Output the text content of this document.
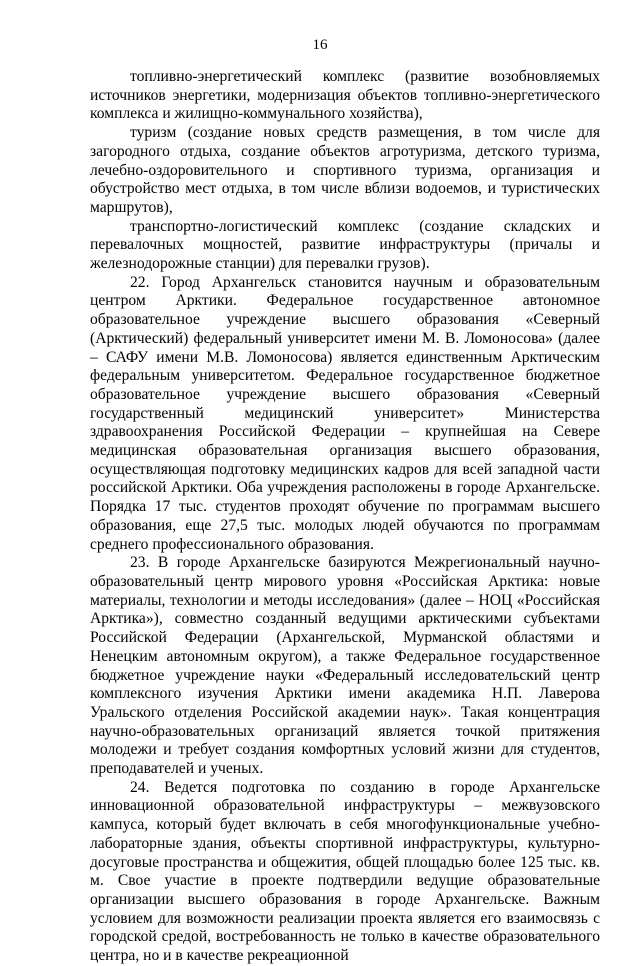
16

топливно-энергетический комплекс (развитие возобновляемых источников энергетики, модернизация объектов топливно-энергетического комплекса и жилищно-коммунального хозяйства),

туризм (создание новых средств размещения, в том числе для загородного отдыха, создание объектов агротуризма, детского туризма, лечебно-оздоровительного и спортивного туризма, организация и обустройство мест отдыха, в том числе вблизи водоемов, и туристических маршрутов),

транспортно-логистический комплекс (создание складских и перевалочных мощностей, развитие инфраструктуры (причалы и железнодорожные станции) для перевалки грузов).

22. Город Архангельск становится научным и образовательным центром Арктики. Федеральное государственное автономное образовательное учреждение высшего образования «Северный (Арктический) федеральный университет имени М. В. Ломоносова» (далее – САФУ имени М.В. Ломоносова) является единственным Арктическим федеральным университетом. Федеральное государственное бюджетное образовательное учреждение высшего образования «Северный государственный медицинский университет» Министерства здравоохранения Российской Федерации – крупнейшая на Севере медицинская образовательная организация высшего образования, осуществляющая подготовку медицинских кадров для всей западной части российской Арктики. Оба учреждения расположены в городе Архангельске. Порядка 17 тыс. студентов проходят обучение по программам высшего образования, еще 27,5 тыс. молодых людей обучаются по программам среднего профессионального образования.

23. В городе Архангельске базируются Межрегиональный научно-образовательный центр мирового уровня «Российская Арктика: новые материалы, технологии и методы исследования» (далее – НОЦ «Российская Арктика»), совместно созданный ведущими арктическими субъектами Российской Федерации (Архангельской, Мурманской областями и Ненецким автономным округом), а также Федеральное государственное бюджетное учреждение науки «Федеральный исследовательский центр комплексного изучения Арктики имени академика Н.П. Лаверова Уральского отделения Российской академии наук». Такая концентрация научно-образовательных организаций является точкой притяжения молодежи и требует создания комфортных условий жизни для студентов, преподавателей и ученых.

24. Ведется подготовка по созданию в городе Архангельске инновационной образовательной инфраструктуры – межвузовского кампуса, который будет включать в себя многофункциональные учебно-лабораторные здания, объекты спортивной инфраструктуры, культурно-досуговые пространства и общежития, общей площадью более 125 тыс. кв. м. Свое участие в проекте подтвердили ведущие образовательные организации высшего образования в городе Архангельске. Важным условием для возможности реализации проекта является его взаимосвязь с городской средой, востребованность не только в качестве образовательного центра, но и в качестве рекреационной
